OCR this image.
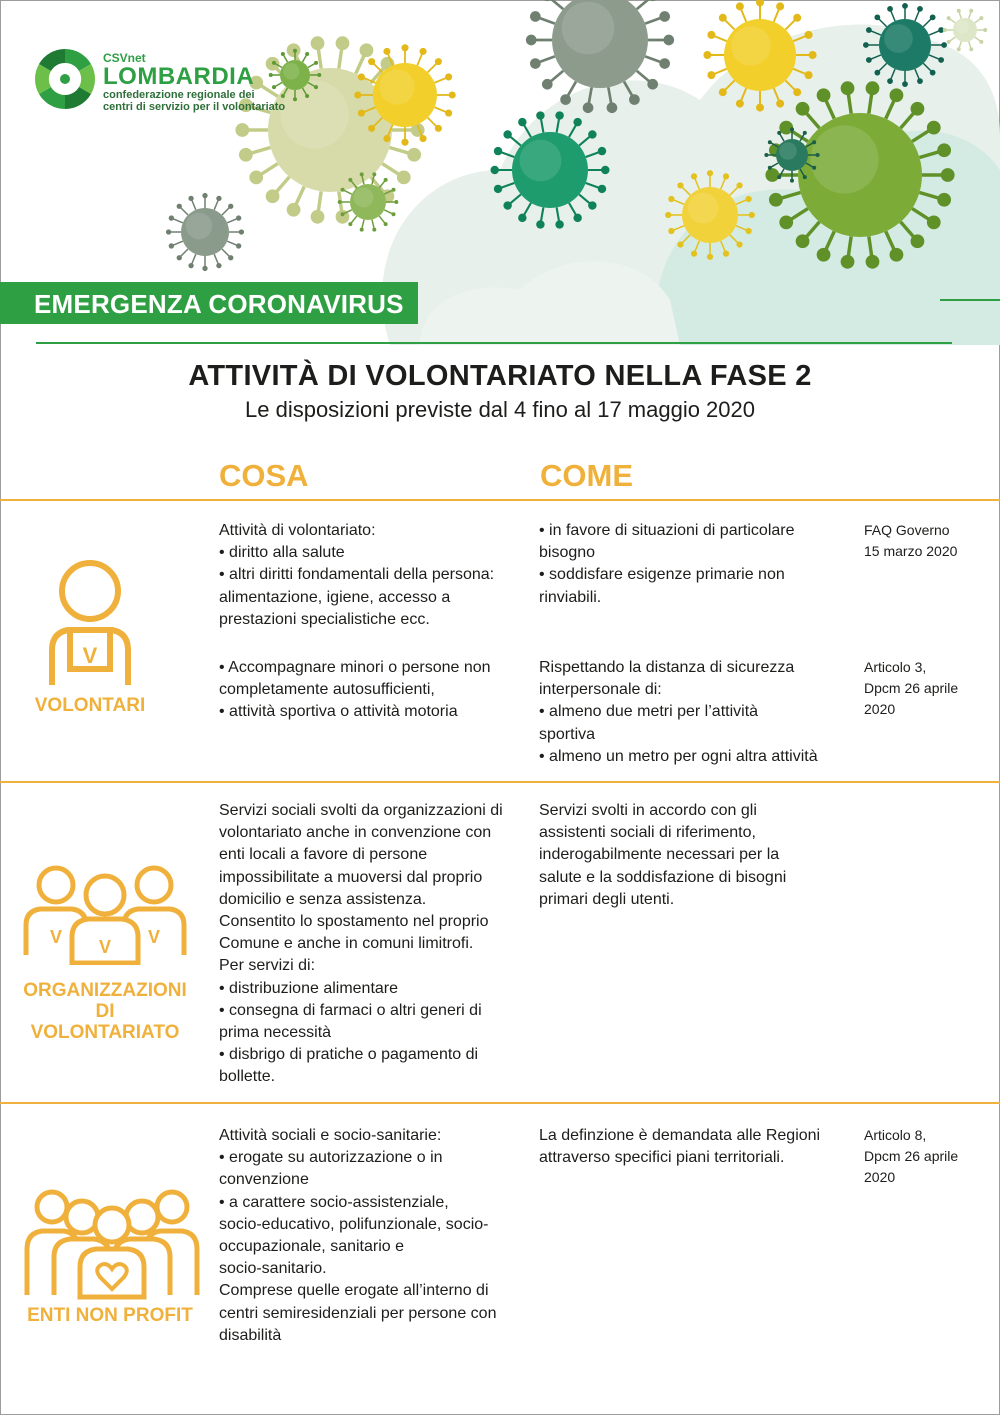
CSVnet
LOMBARDIA
confederazione regionale dei
centri di servizio per il volontariato
EMERGENZA CORONAVIRUS
ATTIVITÀ DI VOLONTARIATO NELLA FASE 2
Le disposizioni previste dal 4 fino al 17 maggio 2020
COSA	COME
V
VOLONTARI
Attività di volontariato:
• diritto alla salute
• altri diritti fondamentali della persona:
alimentazione, igiene, accesso a
prestazioni specialistiche ecc.
• in favore di situazioni di particolare
bisogno
• soddisfare esigenze primarie non
rinviabili.
FAQ Governo
15 marzo 2020
• Accompagnare minori o persone non
completamente autosufficienti,
• attività sportiva o attività motoria
Rispettando la distanza di sicurezza
interpersonale di:
• almeno due metri per l’attività
sportiva
• almeno un metro per ogni altra attività
Articolo 3,
Dpcm 26 aprile
2020
V V V
ORGANIZZAZIONI
DI
VOLONTARIATO
Servizi sociali svolti da organizzazioni di
volontariato anche in convenzione con
enti locali a favore di persone
impossibilitate a muoversi dal proprio
domicilio e senza assistenza.
Consentito lo spostamento nel proprio
Comune e anche in comuni limitrofi.
Per servizi di:
• distribuzione alimentare
• consegna di farmaci o altri generi di
prima necessità
• disbrigo di pratiche o pagamento di
bollette.
Servizi svolti in accordo con gli
assistenti sociali di riferimento,
inderogabilmente necessari per la
salute e la soddisfazione di bisogni
primari degli utenti.
ENTI NON PROFIT
Attività sociali e socio-sanitarie:
• erogate su autorizzazione o in
convenzione
• a carattere socio-assistenziale,
socio-educativo, polifunzionale, socio-
occupazionale, sanitario e
socio-sanitario.
Comprese quelle erogate all’interno di
centri semiresidenziali per persone con
disabilità
La definzione è demandata alle Regioni
attraverso specifici piani territoriali.
Articolo 8,
Dpcm 26 aprile
2020
